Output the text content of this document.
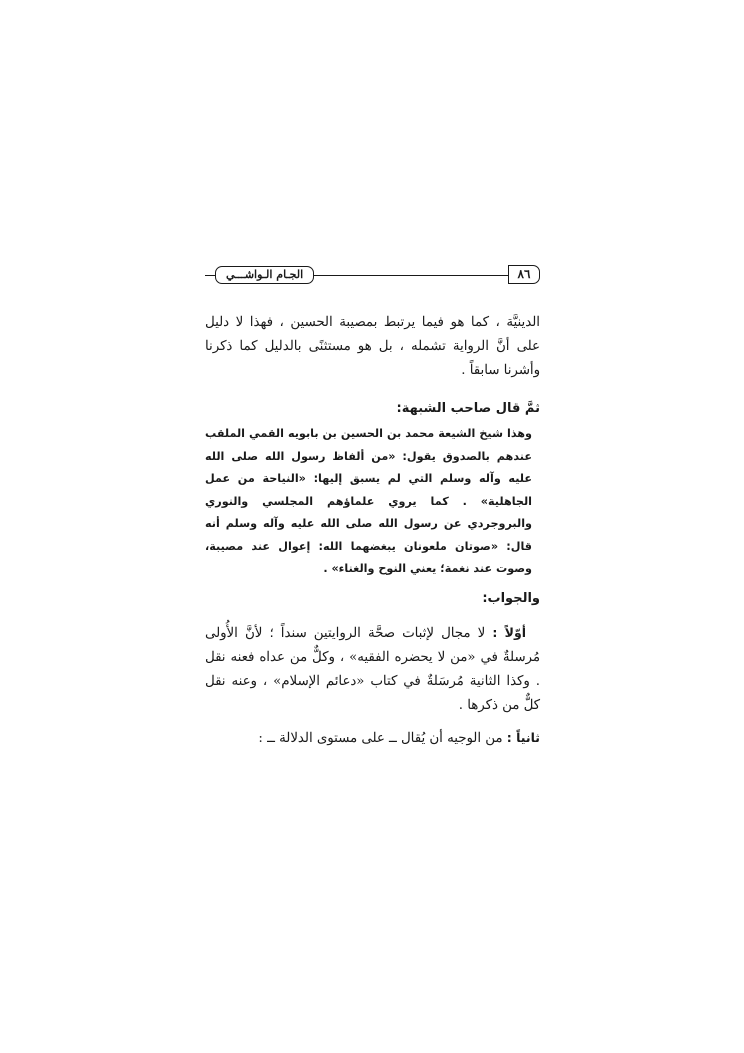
٨٦
الجـام الـواشـــي

الدينيَّة ، كما هو فيما يرتبط بمصيبة الحسين ، فهذا لا دليل على أنَّ الرواية تشمله ، بل هو مستثنًى بالدليل كما ذكرنا وأشرنا سابقاً .

ثمَّ قال صاحب الشبهة:

وهذا شيخ الشيعة محمد بن الحسين بن بابويه القمي الملقب عندهم بالصدوق يقول: «من ألفاظ رسول الله صلى الله عليه وآله وسلم التي لم يسبق إليها: «النياحة من عمل الجاهلية» . كما يروي علماؤهم المجلسي والنوري والبروجردي عن رسول الله صلى الله عليه وآله وسلم أنه قال: «صوتان ملعونان يبغضهما الله: إعوال عند مصيبة، وصوت عند نغمة؛ يعني النوح والغناء» .

والجواب:

أوّلاً : لا مجال لإثبات صحَّة الروايتين سنداً ؛ لأنَّ الأُولى مُرسلةٌ في «من لا يحضره الفقيه» ، وكلٌّ من عداه فعنه نقل . وكذا الثانية مُرسَلةٌ في كتاب «دعائم الإسلام» ، وعنه نقل كلٌّ من ذكرها .

ثانياً : من الوجيه أن يُقال ــ على مستوى الدلالة ــ :
